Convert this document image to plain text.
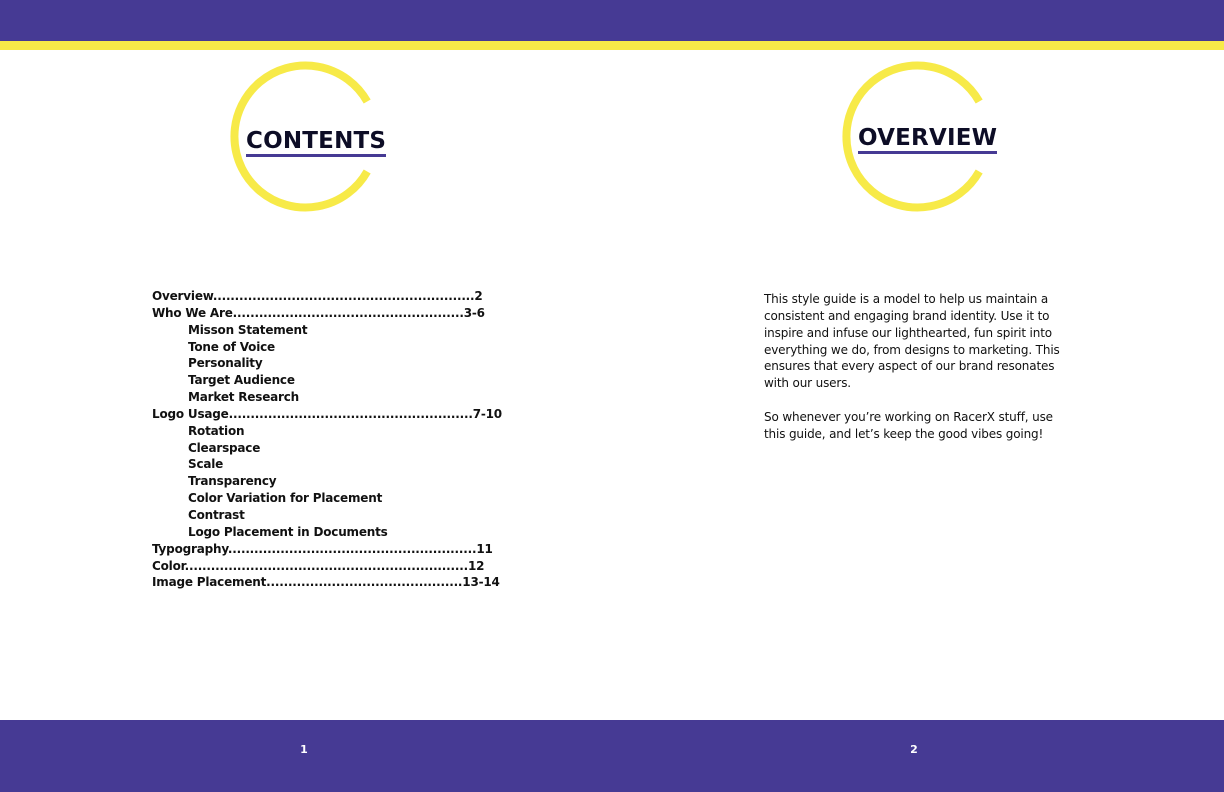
CONTENTS
Overview............................................................2
Who We Are.....................................................3-6
Misson Statement
Tone of Voice
Personality
Target Audience
Market Research
Logo Usage........................................................7-10
Rotation
Clearspace
Scale
Transparency
Color Variation for Placement
Contrast
Logo Placement in Documents
Typography.........................................................11
Color.................................................................12
Image Placement.............................................13-14
OVERVIEW

This style guide is a model to help us maintain a consistent and engaging brand identity. Use it to inspire and infuse our lighthearted, fun spirit into everything we do, from designs to marketing. This ensures that every aspect of our brand resonates with our users.

So whenever you’re working on RacerX stuff, use this guide, and let’s keep the good vibes going!

1	2
